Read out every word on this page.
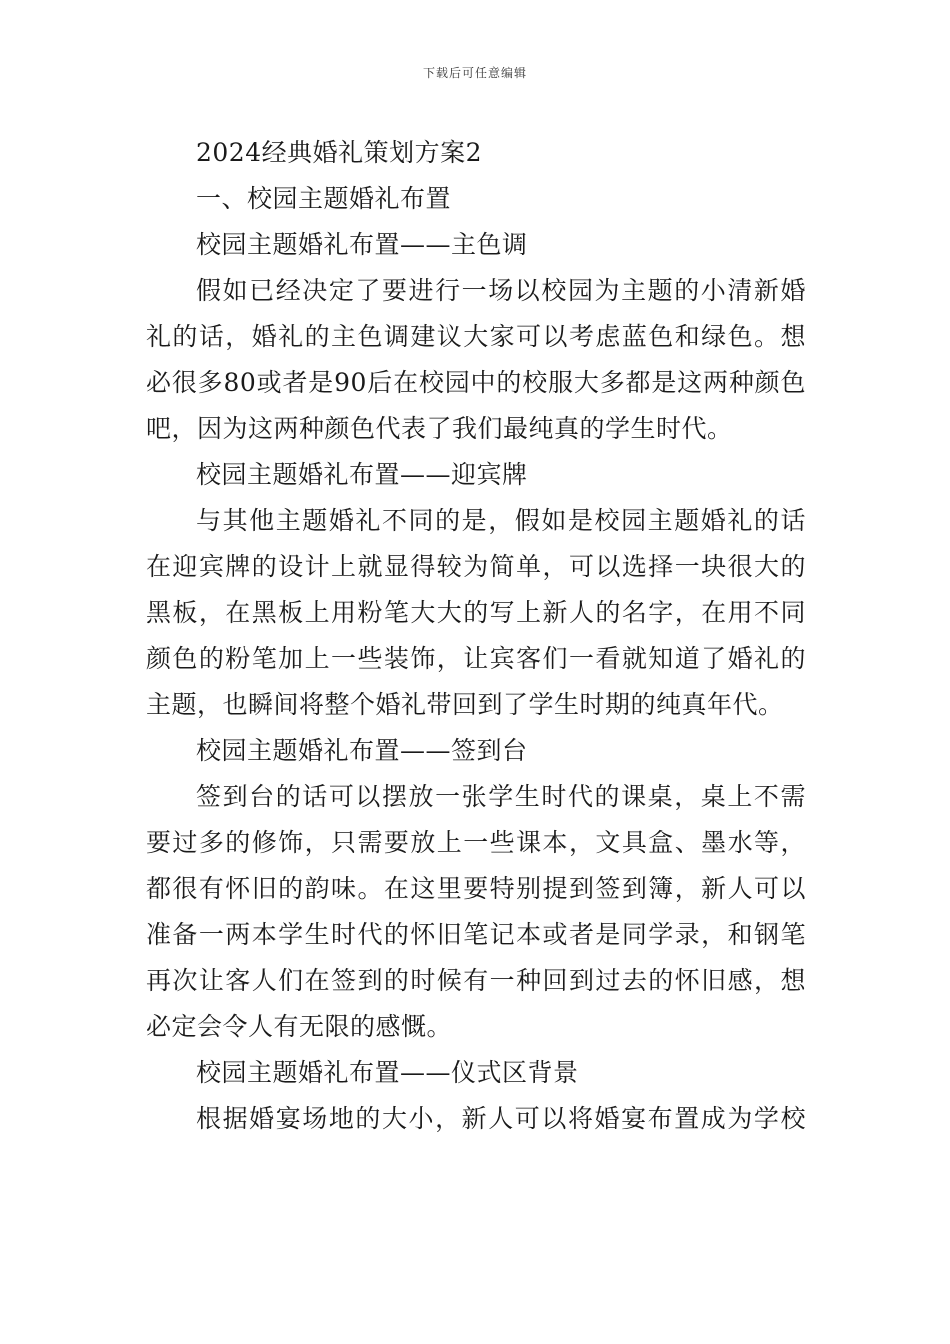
下载后可任意编辑
2024经典婚礼策划方案2
一、校园主题婚礼布置
校园主题婚礼布置——主色调
假如已经决定了要进行一场以校园为主题的小清新婚
礼的话，婚礼的主色调建议大家可以考虑蓝色和绿色。想
必很多80或者是90后在校园中的校服大多都是这两种颜色
吧，因为这两种颜色代表了我们最纯真的学生时代。
校园主题婚礼布置——迎宾牌
与其他主题婚礼不同的是，假如是校园主题婚礼的话
在迎宾牌的设计上就显得较为简单，可以选择一块很大的
黑板，在黑板上用粉笔大大的写上新人的名字，在用不同
颜色的粉笔加上一些装饰，让宾客们一看就知道了婚礼的
主题，也瞬间将整个婚礼带回到了学生时期的纯真年代。
校园主题婚礼布置——签到台
签到台的话可以摆放一张学生时代的课桌，桌上不需
要过多的修饰，只需要放上一些课本，文具盒、墨水等，
都很有怀旧的韵味。在这里要特别提到签到簿，新人可以
准备一两本学生时代的怀旧笔记本或者是同学录，和钢笔
再次让客人们在签到的时候有一种回到过去的怀旧感，想
必定会令人有无限的感慨。
校园主题婚礼布置——仪式区背景
根据婚宴场地的大小，新人可以将婚宴布置成为学校
